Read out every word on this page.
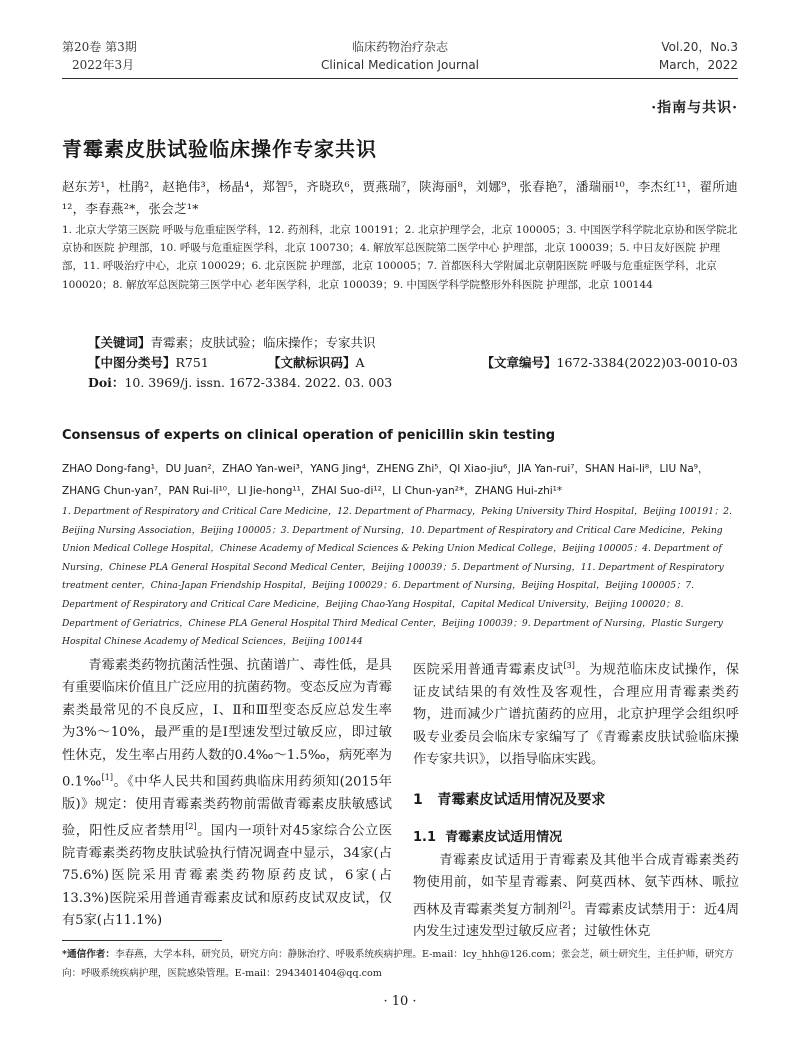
第20卷 第3期
2022年3月
临床药物治疗杂志
Clinical Medication Journal
Vol.20，No.3
March，2022
·指南与共识·
青霉素皮肤试验临床操作专家共识
赵东芳¹，杜鹃²，赵艳伟³，杨晶⁴，郑智⁵，齐晓玖⁶，贾燕瑞⁷，陕海丽⁸，刘娜⁹，张春艳⁷，潘瑞丽¹⁰，李杰红¹¹，翟所迪¹²，李春燕²*，张会芝¹*
1. 北京大学第三医院 呼吸与危重症医学科，12. 药剂科，北京 100191；2. 北京护理学会，北京 100005；3. 中国医学科学院北京协和医学院北京协和医院 护理部，10. 呼吸与危重症医学科，北京 100730；4. 解放军总医院第二医学中心 护理部，北京 100039；5. 中日友好医院 护理部，11. 呼吸治疗中心，北京 100029；6. 北京医院 护理部，北京 100005；7. 首都医科大学附属北京朝阳医院 呼吸与危重症医学科，北京 100020；8. 解放军总医院第三医学中心 老年医学科，北京 100039；9. 中国医学科学院整形外科医院 护理部，北京 100144
【关键词】青霉素；皮肤试验；临床操作；专家共识
【中图分类号】R751	【文献标识码】A	【文章编号】1672-3384(2022)03-0010-03
Doi：10. 3969/j. issn. 1672-3384. 2022. 03. 003
Consensus of experts on clinical operation of penicillin skin testing
ZHAO Dong-fang¹，DU Juan²，ZHAO Yan-wei³，YANG Jing⁴，ZHENG Zhi⁵，QI Xiao-jiu⁶，JIA Yan-rui⁷，SHAN Hai-li⁸，LIU Na⁹，ZHANG Chun-yan⁷，PAN Rui-li¹⁰，LI Jie-hong¹¹，ZHAI Suo-di¹²，LI Chun-yan²*，ZHANG Hui-zhi¹*
1. Department of Respiratory and Critical Care Medicine，12. Department of Pharmacy，Peking University Third Hospital，Beijing 100191；2. Beijing Nursing Association，Beijing 100005；3. Department of Nursing，10. Department of Respiratory and Critical Care Medicine，Peking Union Medical College Hospital，Chinese Academy of Medical Sciences & Peking Union Medical College，Beijing 100005；4. Department of Nursing，Chinese PLA General Hospital Second Medical Center，Beijing 100039；5. Department of Nursing，11. Department of Respiratory treatment center，China-Japan Friendship Hospital，Beijing 100029；6. Department of Nursing，Beijing Hospital，Beijing 100005；7. Department of Respiratory and Critical Care Medicine，Beijing Chao-Yang Hospital，Capital Medical University，Beijing 100020；8. Department of Geriatrics，Chinese PLA General Hospital Third Medical Center，Beijing 100039；9. Department of Nursing，Plastic Surgery Hospital Chinese Academy of Medical Sciences，Beijing 100144

青霉素类药物抗菌活性强、抗菌谱广、毒性低，是具有重要临床价值且广泛应用的抗菌药物。变态反应为青霉素类最常见的不良反应，Ⅰ、Ⅱ和Ⅲ型变态反应总发生率为3%～10%，最严重的是Ⅰ型速发型过敏反应，即过敏性休克，发生率占用药人数的0.4‰～1.5‰，病死率为0.1‰[1]。《中华人民共和国药典临床用药须知(2015年版)》规定：使用青霉素类药物前需做青霉素皮肤敏感试验，阳性反应者禁用[2]。国内一项针对45家综合公立医院青霉素类药物皮肤试验执行情况调查中显示，34家(占75.6%)医院采用青霉素类药物原药皮试，6家(占13.3%)医院采用普通青霉素皮试和原药皮试双皮试，仅有5家(占11.1%)

医院采用普通青霉素皮试[3]。为规范临床皮试操作，保证皮试结果的有效性及客观性，合理应用青霉素类药物，进而减少广谱抗菌药的应用，北京护理学会组织呼吸专业委员会临床专家编写了《青霉素皮肤试验临床操作专家共识》，以指导临床实践。

1 青霉素皮试适用情况及要求
1.1 青霉素皮试适用情况

青霉素皮试适用于青霉素及其他半合成青霉素类药物使用前，如苄星青霉素、阿莫西林、氨苄西林、哌拉西林及青霉素类复方制剂[2]。青霉素皮试禁用于：近4周内发生过速发型过敏反应者；过敏性休克

*通信作者：李春燕，大学本科，研究员，研究方向：静脉治疗、呼吸系统疾病护理。E-mail：lcy_hhh@126.com；张会芝，硕士研究生，主任护师，研究方向：呼吸系统疾病护理，医院感染管理。E-mail：2943401404@qq.com
· 10 ·
